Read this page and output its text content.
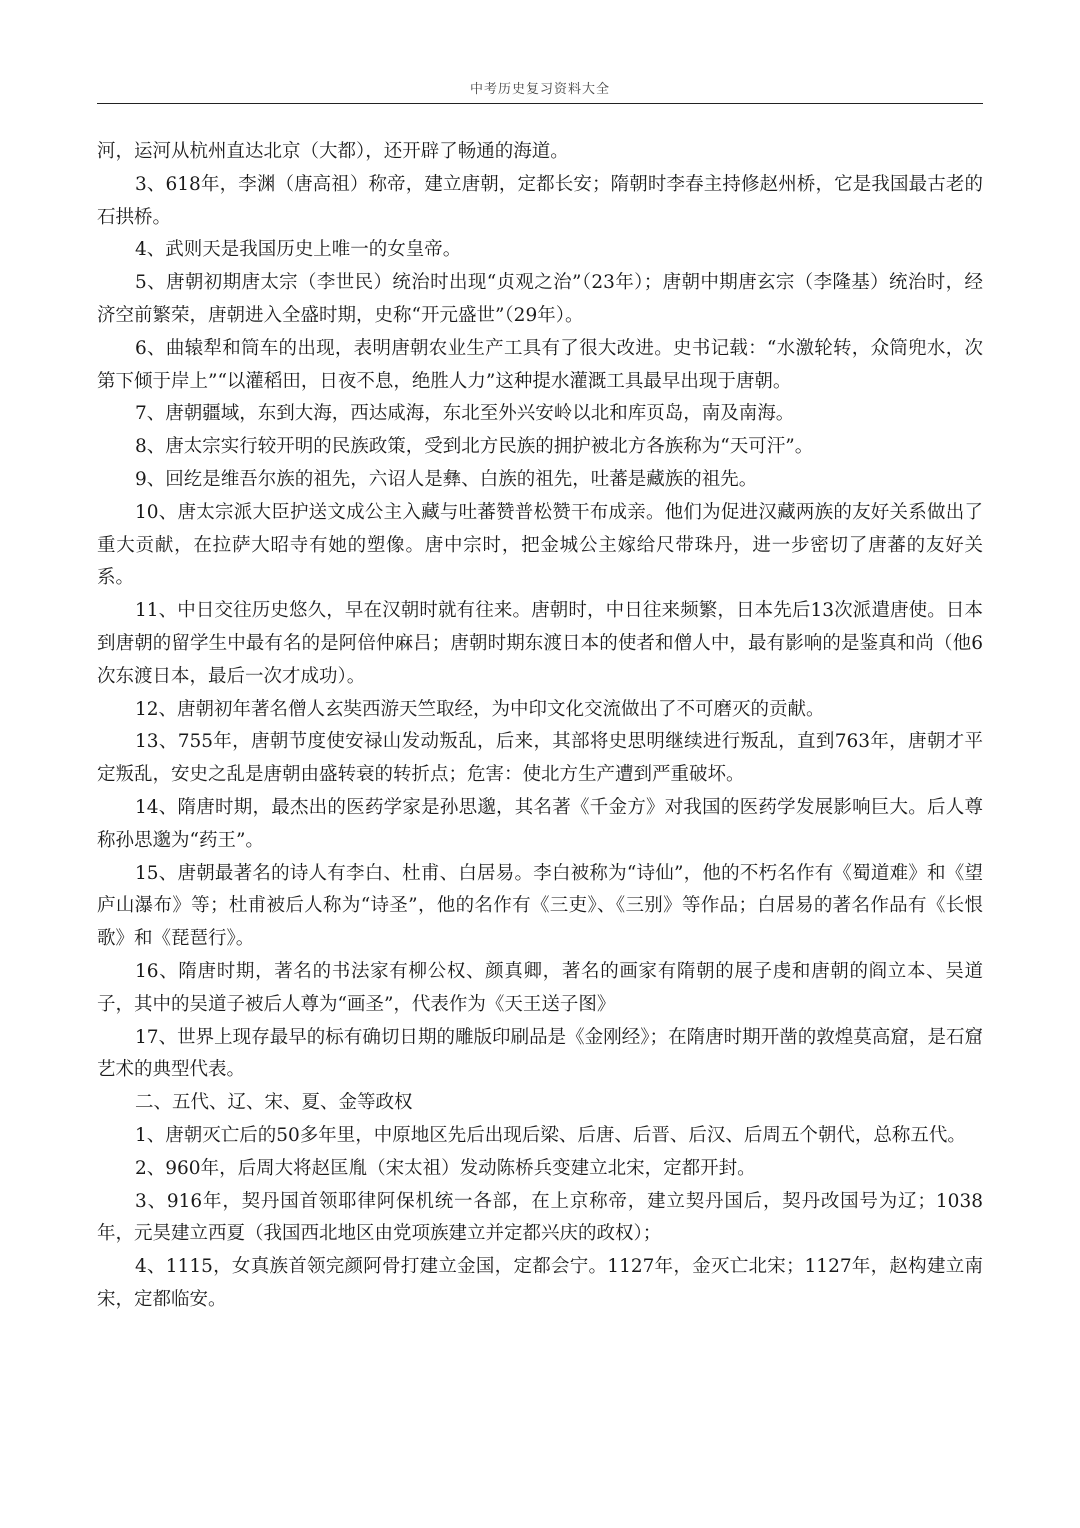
中考历史复习资料大全

河，运河从杭州直达北京（大都），还开辟了畅通的海道。

3、618年，李渊（唐高祖）称帝，建立唐朝，定都长安；隋朝时李春主持修赵州桥，它是我国最古老的石拱桥。

4、武则天是我国历史上唯一的女皇帝。

5、唐朝初期唐太宗（李世民）统治时出现“贞观之治”（23年）；唐朝中期唐玄宗（李隆基）统治时，经济空前繁荣，唐朝进入全盛时期，史称“开元盛世”（29年）。

6、曲辕犁和筒车的出现，表明唐朝农业生产工具有了很大改进。史书记载：“水激轮转，众筒兜水，次第下倾于岸上”“以灌稻田，日夜不息，绝胜人力”这种提水灌溉工具最早出现于唐朝。

7、唐朝疆域，东到大海，西达咸海，东北至外兴安岭以北和库页岛，南及南海。

8、唐太宗实行较开明的民族政策，受到北方民族的拥护被北方各族称为“天可汗”。

9、回纥是维吾尔族的祖先，六诏人是彝、白族的祖先，吐蕃是藏族的祖先。

10、唐太宗派大臣护送文成公主入藏与吐蕃赞普松赞干布成亲。他们为促进汉藏两族的友好关系做出了重大贡献，在拉萨大昭寺有她的塑像。唐中宗时，把金城公主嫁给尺带珠丹，进一步密切了唐蕃的友好关系。

11、中日交往历史悠久，早在汉朝时就有往来。唐朝时，中日往来频繁，日本先后13次派遣唐使。日本到唐朝的留学生中最有名的是阿倍仲麻吕；唐朝时期东渡日本的使者和僧人中，最有影响的是鉴真和尚（他6次东渡日本，最后一次才成功）。

12、唐朝初年著名僧人玄奘西游天竺取经，为中印文化交流做出了不可磨灭的贡献。

13、755年，唐朝节度使安禄山发动叛乱，后来，其部将史思明继续进行叛乱，直到763年，唐朝才平定叛乱，安史之乱是唐朝由盛转衰的转折点；危害：使北方生产遭到严重破坏。

14、隋唐时期，最杰出的医药学家是孙思邈，其名著《千金方》对我国的医药学发展影响巨大。后人尊称孙思邈为“药王”。

15、唐朝最著名的诗人有李白、杜甫、白居易。李白被称为“诗仙”，他的不朽名作有《蜀道难》和《望庐山瀑布》等；杜甫被后人称为“诗圣”，他的名作有《三吏》、《三别》等作品；白居易的著名作品有《长恨歌》和《琵琶行》。

16、隋唐时期，著名的书法家有柳公权、颜真卿，著名的画家有隋朝的展子虔和唐朝的阎立本、吴道子，其中的吴道子被后人尊为“画圣”，代表作为《天王送子图》

17、世界上现存最早的标有确切日期的雕版印刷品是《金刚经》；在隋唐时期开凿的敦煌莫高窟，是石窟艺术的典型代表。

二、五代、辽、宋、夏、金等政权

1、唐朝灭亡后的50多年里，中原地区先后出现后梁、后唐、后晋、后汉、后周五个朝代，总称五代。

2、960年，后周大将赵匡胤（宋太祖）发动陈桥兵变建立北宋，定都开封。

3、916年，契丹国首领耶律阿保机统一各部，在上京称帝，建立契丹国后，契丹改国号为辽；1038年，元昊建立西夏（我国西北地区由党项族建立并定都兴庆的政权）；

4、1115，女真族首领完颜阿骨打建立金国，定都会宁。1127年，金灭亡北宋；1127年，赵构建立南宋，定都临安。
